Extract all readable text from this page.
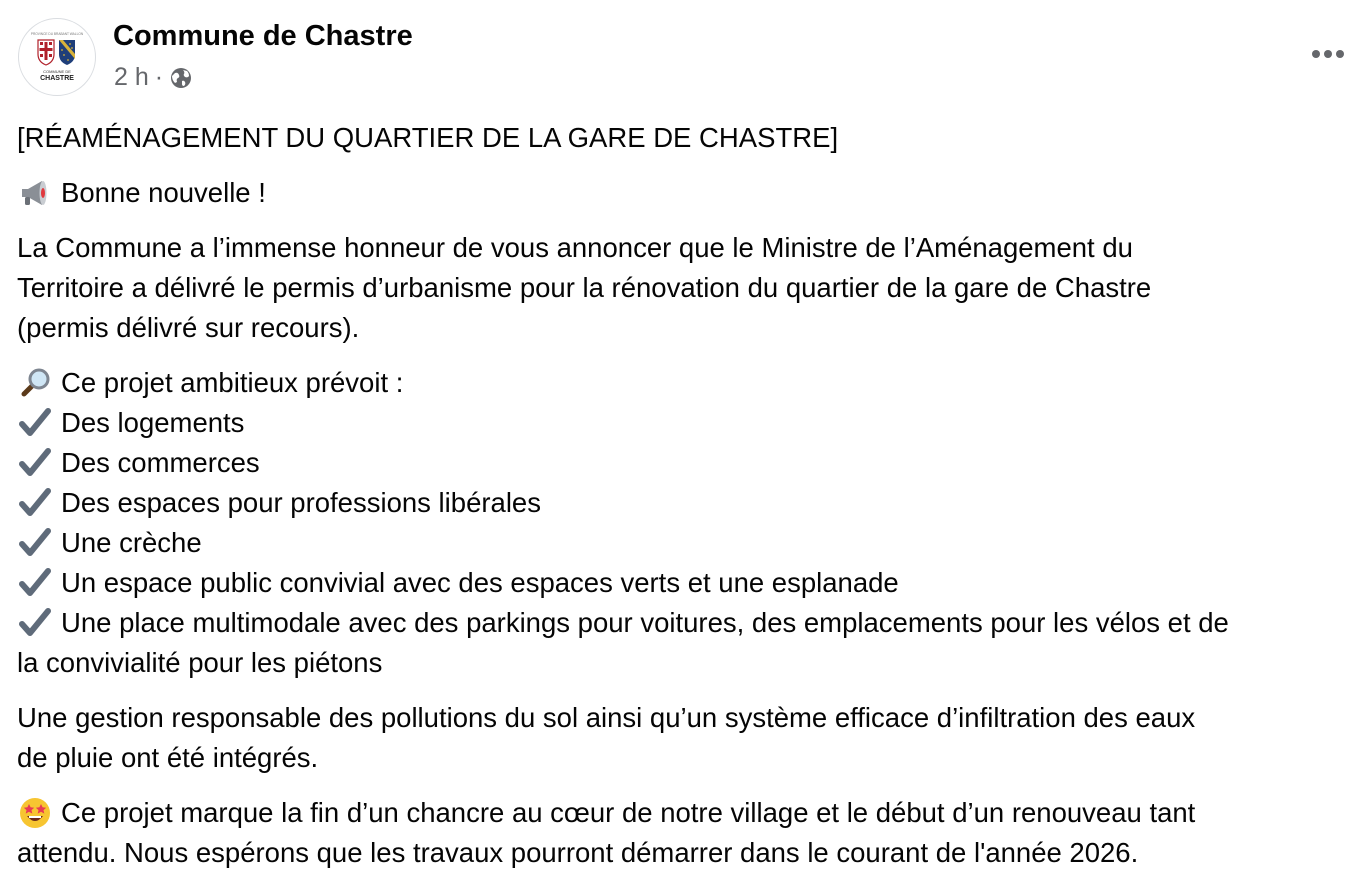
PROVINCE DU BRABANT WALLON
COMMUNE DE
CHASTRE
Commune de Chastre
2 h ·
[RÉAMÉNAGEMENT DU QUARTIER DE LA GARE DE CHASTRE]
Bonne nouvelle !
La Commune a l’immense honneur de vous annoncer que le Ministre de l’Aménagement du
Territoire a délivré le permis d’urbanisme pour la rénovation du quartier de la gare de Chastre
(permis délivré sur recours).
Ce projet ambitieux prévoit :
Des logements
Des commerces
Des espaces pour professions libérales
Une crèche
Un espace public convivial avec des espaces verts et une esplanade
Une place multimodale avec des parkings pour voitures, des emplacements pour les vélos et de
la convivialité pour les piétons
Une gestion responsable des pollutions du sol ainsi qu’un système efficace d’infiltration des eaux
de pluie ont été intégrés.
Ce projet marque la fin d’un chancre au cœur de notre village et le début d’un renouveau tant
attendu. Nous espérons que les travaux pourront démarrer dans le courant de l'année 2026.
